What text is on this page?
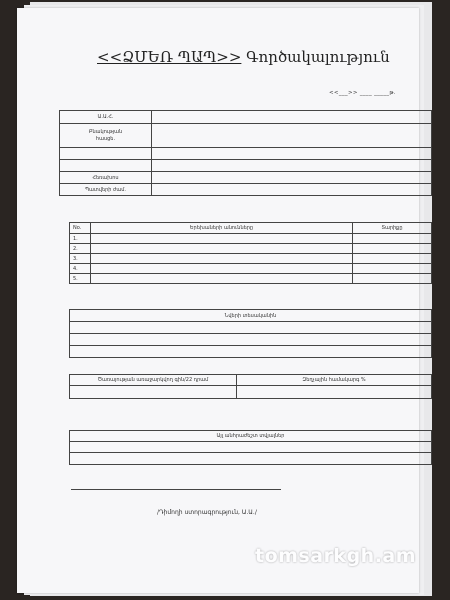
<<ՁՄԵՌ ՊԱՊ>> Գործակալություն
<<___>> ____ _____թ.
Ա.Ա.Հ.	
Բնակության
հասցե.	

Հեռախոս	
Պատվերի ժամ.	
No.	Երեխաների անունները	Տարիքը
1.		
2.		
3.		
4.		
5.		
Նվերի տեսականին

Ծառայության առաջարկվող գին/22 դրամ	Զեղչային համակարգ %

Այլ անհրաժեշտ տվյալներ

/Դիմողի ստորագրություն, Ա.Ա./
tomsarkgh.am
